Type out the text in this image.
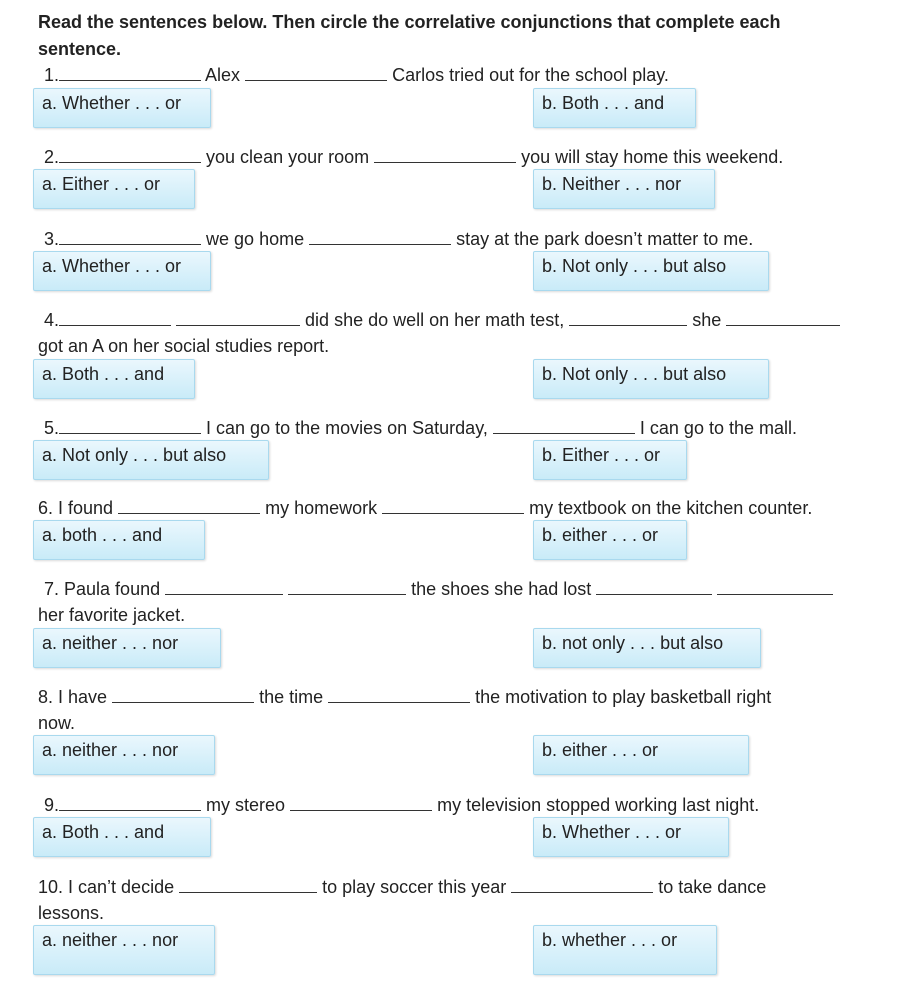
Read the sentences below. Then circle the correlative conjunctions that complete each sentence.
1.	Alex	Carlos tried out for the school play.
a. Whether . . . or	b. Both . . . and
2.	you clean your room	you will stay home this weekend.
a. Either . . . or	b. Neither . . . nor
3.	we go home	stay at the park doesn’t matter to me.
a. Whether . . . or	b. Not only . . . but also
4.	did she do well on her math test,	she
got an A on her social studies report.
a. Both . . . and	b. Not only . . . but also
5.	I can go to the movies on Saturday,	I can go to the mall.
a. Not only . . . but also	b. Either . . . or
6. I found	my homework	my textbook on the kitchen counter.
a. both . . . and	b. either . . . or
7. Paula found	the shoes she had lost
her favorite jacket.
a. neither . . . nor	b. not only . . . but also
8. I have	the time	the motivation to play basketball right
now.
a. neither . . . nor	b. either . . . or
9.	my stereo	my television stopped working last night.
a. Both . . . and	b. Whether . . . or
10. I can’t decide	to play soccer this year	to take dance
lessons.
a. neither . . . nor	b. whether . . . or
